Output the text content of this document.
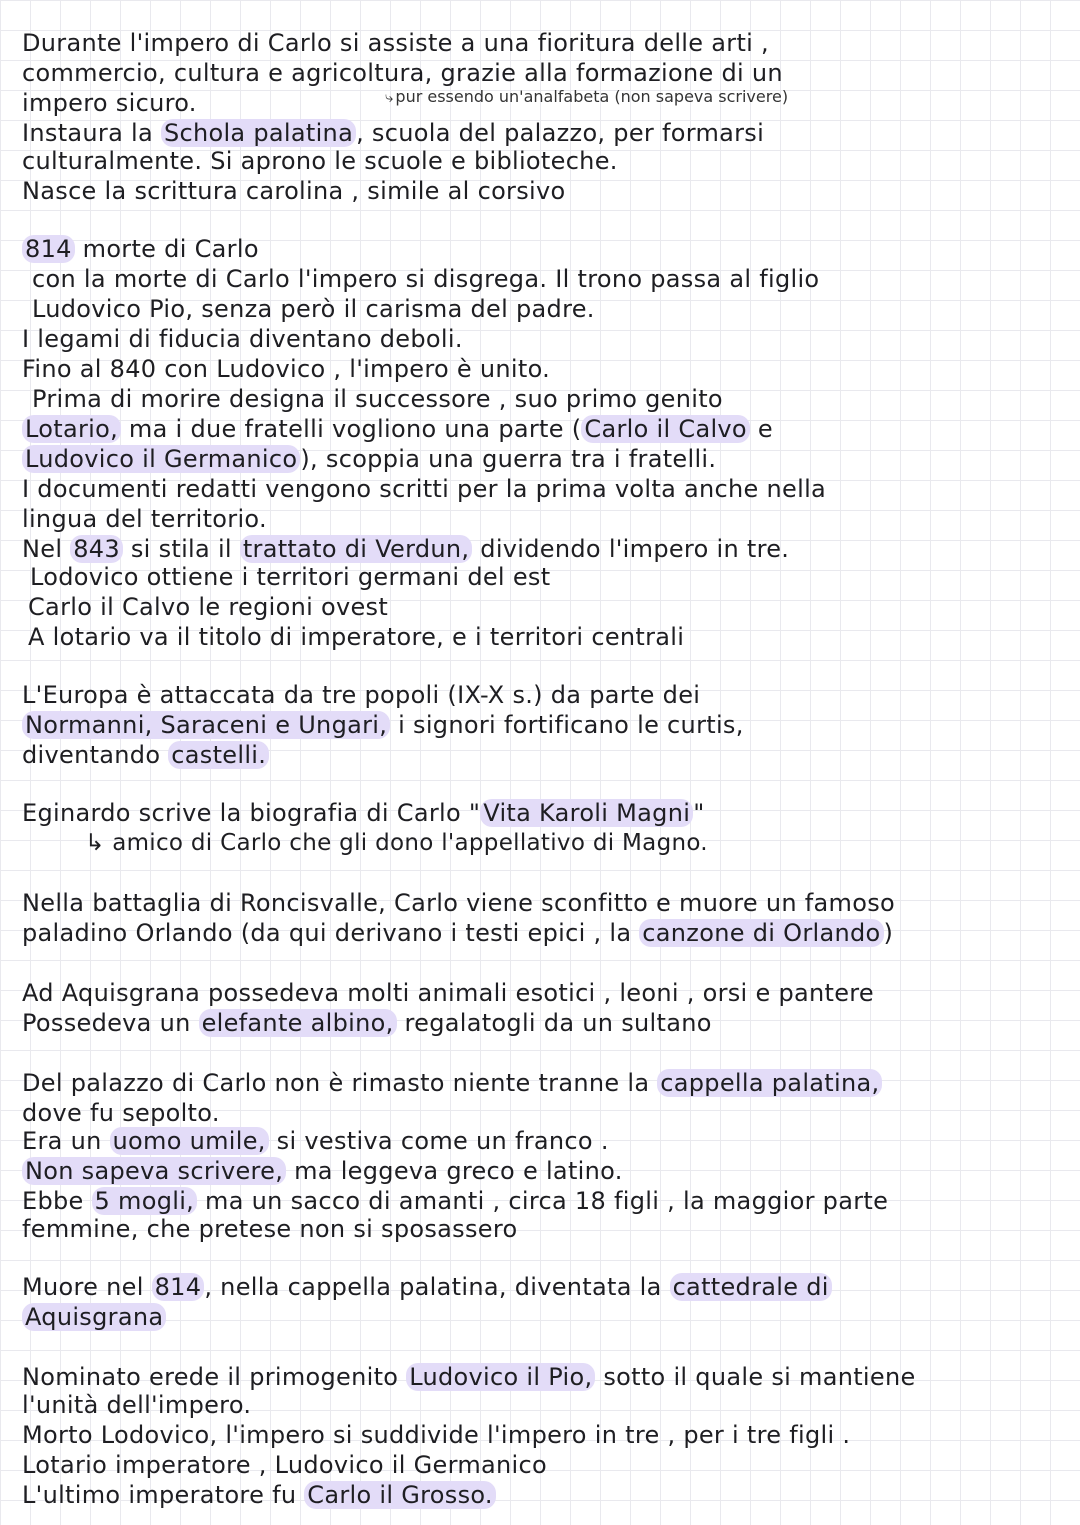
⤷ pur essendo un'analfabeta (non sapeva scrivere)
Durante l'impero di Carlo si assiste a una fioritura delle arti ,
commercio, cultura e agricoltura, grazie alla formazione di un
impero sicuro.
Instaura la Schola palatina , scuola del palazzo, per formarsi
culturalmente. Si aprono le scuole e biblioteche.
Nasce la scrittura carolina , simile al corsivo
814 morte di Carlo
con la morte di Carlo l'impero si disgrega. Il trono passa al figlio
Ludovico Pio, senza però il carisma del padre.
I legami di fiducia diventano deboli.
Fino al 840 con Ludovico , l'impero è unito.
Prima di morire designa il successore , suo primo genito
Lotario, ma i due fratelli vogliono una parte ( Carlo il Calvo e
Ludovico il Germanico ), scoppia una guerra tra i fratelli.
I documenti redatti vengono scritti per la prima volta anche nella
lingua del territorio.
Nel 843 si stila il trattato di Verdun, dividendo l'impero in tre.
Lodovico ottiene i territori germani del est
Carlo il Calvo le regioni ovest
A lotario va il titolo di imperatore, e i territori centrali
L'Europa è attaccata da tre popoli (IX-X s.) da parte dei
Normanni, Saraceni e Ungari, i signori fortificano le curtis,
diventando castelli.
Eginardo scrive la biografia di Carlo " Vita Karoli Magni "
↳ amico di Carlo che gli dono l'appellativo di Magno.
Nella battaglia di Roncisvalle, Carlo viene sconfitto e muore un famoso
paladino Orlando (da qui derivano i testi epici , la canzone di Orlando )
Ad Aquisgrana possedeva molti animali esotici , leoni , orsi e pantere
Possedeva un elefante albino, regalatogli da un sultano
Del palazzo di Carlo non è rimasto niente tranne la cappella palatina,
dove fu sepolto.
Era un uomo umile, si vestiva come un franco .
Non sapeva scrivere, ma leggeva greco e latino.
Ebbe 5 mogli, ma un sacco di amanti , circa 18 figli , la maggior parte
femmine, che pretese non si sposassero
Muore nel 814 , nella cappella palatina, diventata la cattedrale di
Aquisgrana
Nominato erede il primogenito Ludovico il Pio, sotto il quale si mantiene
l'unità dell'impero.
Morto Lodovico, l'impero si suddivide l'impero in tre , per i tre figli .
Lotario imperatore , Ludovico il Germanico
L'ultimo imperatore fu Carlo il Grosso.
